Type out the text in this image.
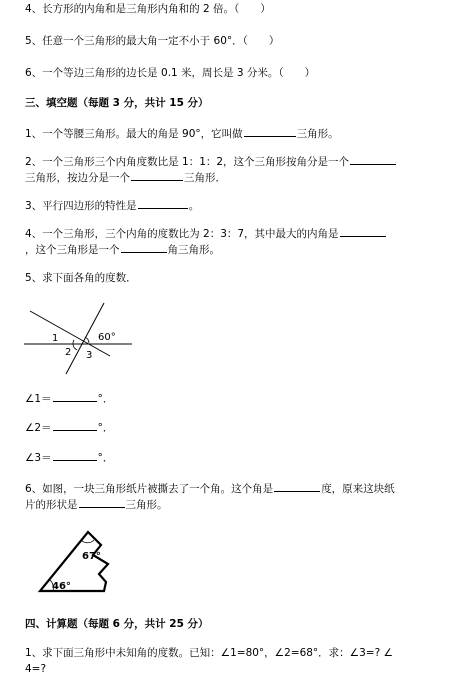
4、长方形的内角和是三角形内角和的 2 倍。（　　）
5、任意一个三角形的最大角一定不小于 60°．（　　）
6、一个等边三角形的边长是 0.1 米，周长是 3 分米。（　　）
三、填空题（每题 3 分，共计 15 分）
1、一个等腰三角形。最大的角是 90°，它叫做	三角形。
2、一个三角形三个内角度数比是 1：1：2，这个三角形按角分是一个
三角形，按边分是一个	三角形．
3、平行四边形的特性是	。
4、一个三角形，三个内角的度数比为 2：3：7，其中最大的内角是
，这个三角形是一个	角三角形。
5、求下面各角的度数．
1
2 3
60°
∠1＝	°．
∠2＝	°．
∠3＝	°．
6、如图，一块三角形纸片被撕去了一个角。这个角是	度，原来这块纸
片的形状是	三角形。
67°
46°
四、计算题（每题 6 分，共计 25 分）
1、求下面三角形中未知角的度数。已知：∠1=80°，∠2=68°．求：∠3=? ∠
4=?
